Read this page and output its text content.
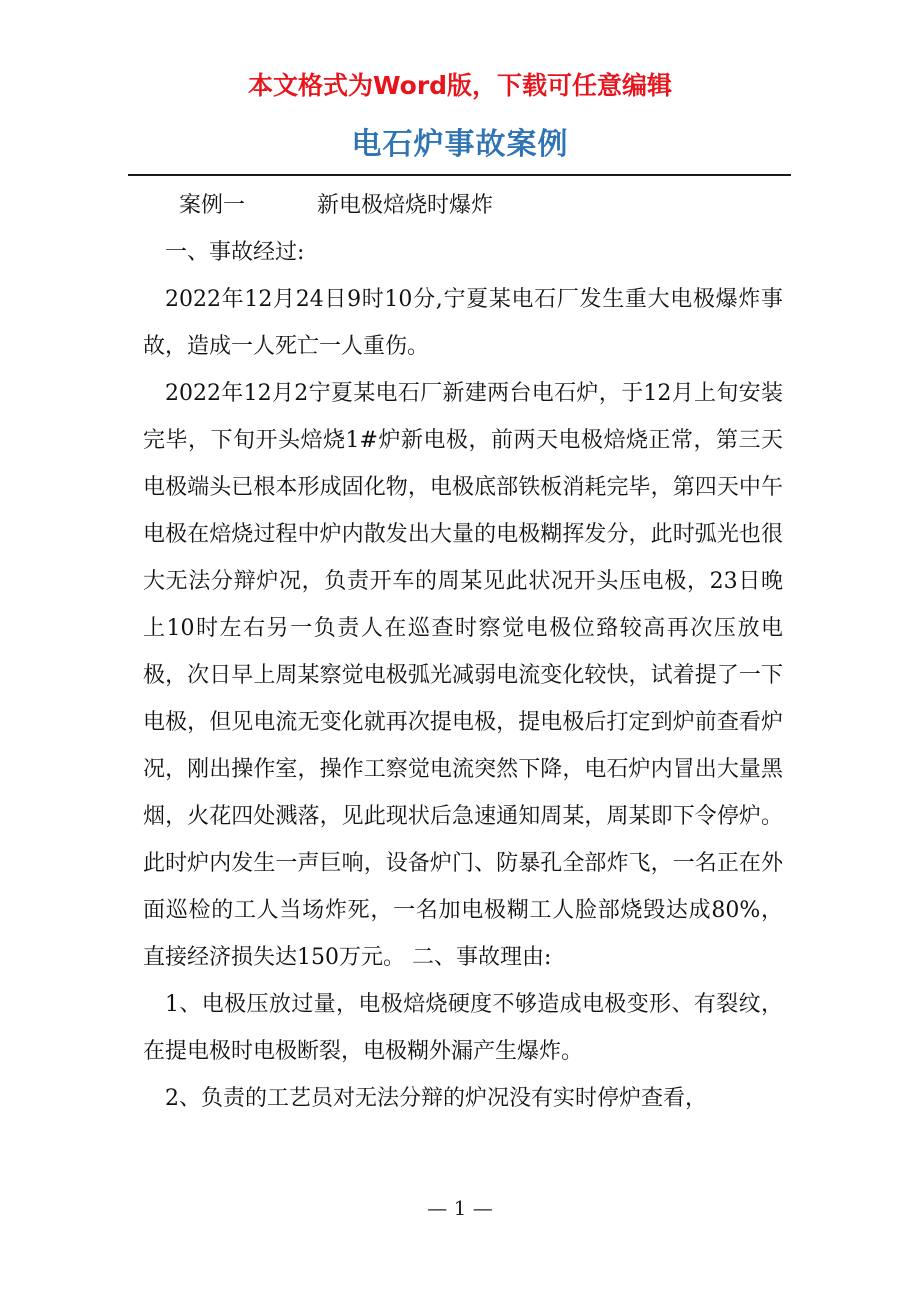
本文格式为Word版，下载可任意编辑
电石炉事故案例

案例一	新电极焙烧时爆炸

一、事故经过:

2022年12月24日9时10分,宁夏某电石厂发生重大电极爆炸事故，造成一人死亡一人重伤。

2022年12月2宁夏某电石厂新建两台电石炉，于12月上旬安装完毕，下旬开头焙烧1#炉新电极，前两天电极焙烧正常，第三天电极端头已根本形成固化物，电极底部铁板消耗完毕，第四天中午电极在焙烧过程中炉内散发出大量的电极糊挥发分，此时弧光也很大无法分辩炉况，负责开车的周某见此状况开头压电极，23日晚上10时左右另一负责人在巡查时察觉电极位臵较高再次压放电极，次日早上周某察觉电极弧光减弱电流变化较快，试着提了一下电极，但见电流无变化就再次提电极，提电极后打定到炉前查看炉况，刚出操作室，操作工察觉电流突然下降，电石炉内冒出大量黑烟，火花四处溅落，见此现状后急速通知周某，周某即下令停炉。此时炉内发生一声巨响，设备炉门、防暴孔全部炸飞，一名正在外面巡检的工人当场炸死，一名加电极糊工人脸部烧毁达成80%，直接经济损失达150万元。 二、事故理由:

1、电极压放过量，电极焙烧硬度不够造成电极变形、有裂纹，在提电极时电极断裂，电极糊外漏产生爆炸。

2、负责的工艺员对无法分辩的炉况没有实时停炉查看，

— 1 —
